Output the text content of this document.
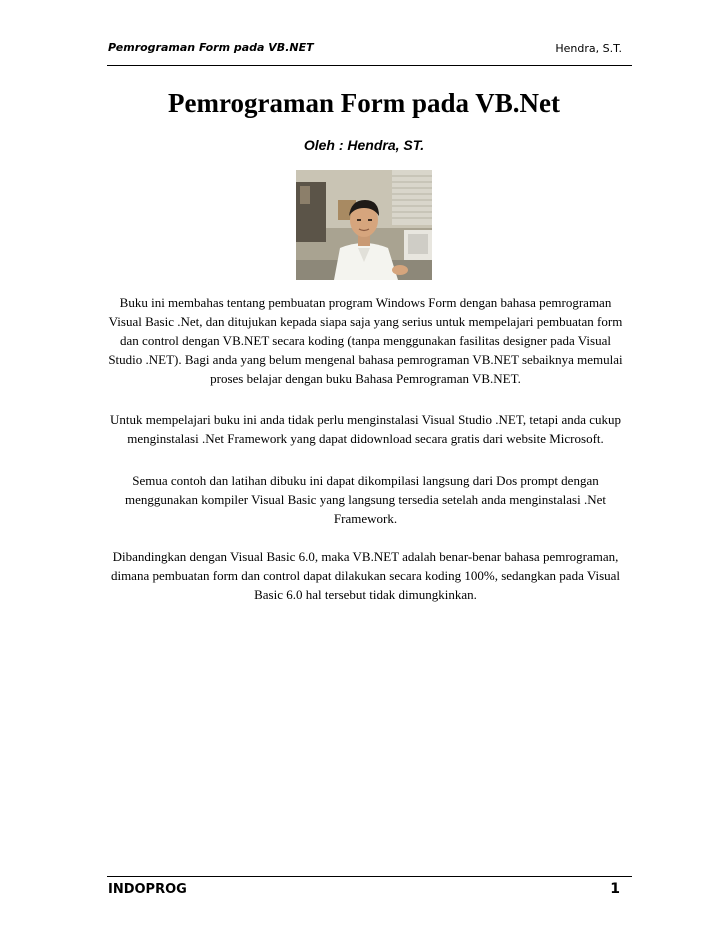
Pemrograman Form pada VB.NET	Hendra, S.T.
Pemrograman Form pada VB.Net
Oleh : Hendra, ST.
Buku ini membahas tentang pembuatan program Windows Form dengan bahasa pemrograman Visual Basic .Net, dan ditujukan kepada siapa saja yang serius untuk mempelajari pembuatan form dan control dengan VB.NET secara koding (tanpa menggunakan fasilitas designer pada Visual Studio .NET). Bagi anda yang belum mengenal bahasa pemrograman VB.NET sebaiknya memulai proses belajar dengan buku Bahasa Pemrograman VB.NET.
Untuk mempelajari buku ini anda tidak perlu menginstalasi Visual Studio .NET, tetapi anda cukup menginstalasi .Net Framework yang dapat didownload secara gratis dari website Microsoft.
Semua contoh dan latihan dibuku ini dapat dikompilasi langsung dari Dos prompt dengan menggunakan kompiler Visual Basic yang langsung tersedia setelah anda menginstalasi .Net Framework.
Dibandingkan dengan Visual Basic 6.0, maka VB.NET adalah benar-benar bahasa pemrograman, dimana pembuatan form dan control dapat dilakukan secara koding 100%, sedangkan pada Visual Basic 6.0 hal tersebut tidak dimungkinkan.
INDOPROG	1
